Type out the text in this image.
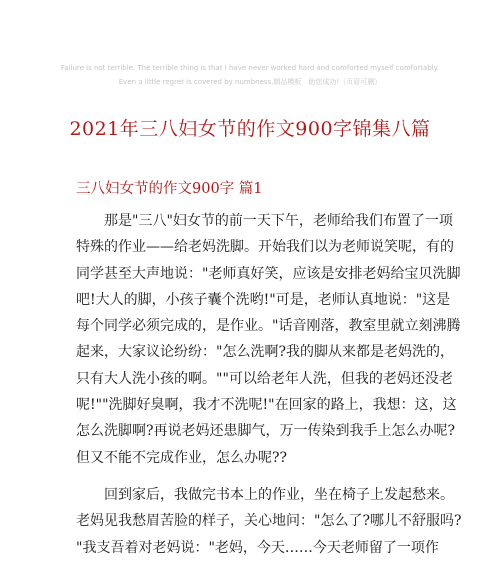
Failure is not terrible. The terrible thing is that I have never worked hard and comforted myself comfortably.
Even a little regret is covered by numbness.精品模板　助您成功!（页眉可删）
2021年三八妇女节的作文900字锦集八篇
三八妇女节的作文900字 篇1
　　那是"三八"妇女节的前一天下午，老师给我们布置了一项
特殊的作业——给老妈洗脚。开始我们以为老师说笑呢，有的
同学甚至大声地说："老师真好笑，应该是安排老妈给宝贝洗脚
吧!大人的脚，小孩子囊个洗哟!"可是，老师认真地说："这是
每个同学必须完成的，是作业。"话音刚落，教室里就立刻沸腾
起来，大家议论纷纷："怎么洗啊?我的脚从来都是老妈洗的，
只有大人洗小孩的啊。""可以给老年人洗，但我的老妈还没老
呢!""洗脚好臭啊，我才不洗呢!"在回家的路上，我想：这，这
怎么洗脚啊?再说老妈还患脚气，万一传染到我手上怎么办呢?
但又不能不完成作业，怎么办呢??
　　回到家后，我做完书本上的作业，坐在椅子上发起愁来。
老妈见我愁眉苦脸的样子，关心地问："怎么了?哪儿不舒服吗?
"我支吾着对老妈说："老妈，今天……今天老师留了一项作
